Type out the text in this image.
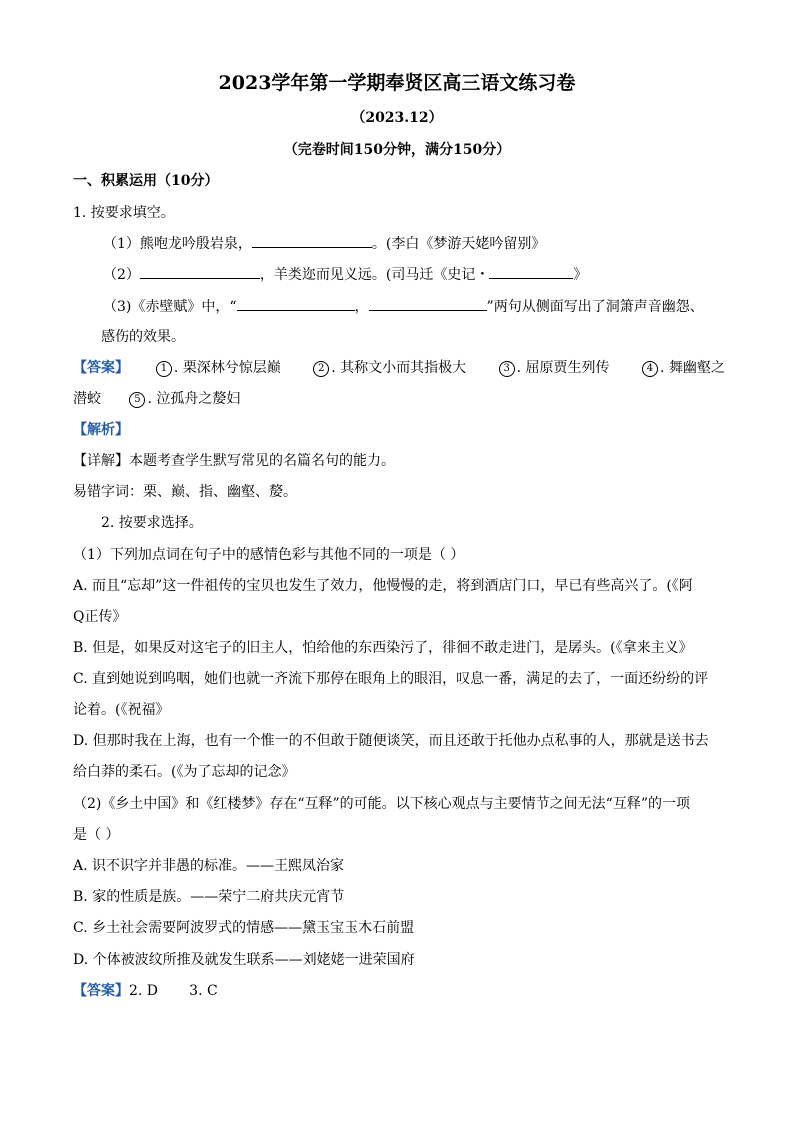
2023学年第一学期奉贤区高三语文练习卷
（2023.12）
（完卷时间150分钟，满分150分）
一、积累运用（10分）
1. 按要求填空。
（1）熊咆龙吟殷岩泉，	。(李白《梦游天姥吟留别》
（2）	，羊类迩而见义远。(司马迁《史记・	》
（3)《赤壁赋》中，“	，	”两句从侧面写出了洞箫声音幽怨、
感伤的效果。
【答案】	1 . 栗深林兮惊层巅	2 . 其称文小而其指极大	3 . 屈原贾生列传	4 . 舞幽壑之
潜蛟	5 . 泣孤舟之嫠妇
【解析】
【详解】本题考查学生默写常见的名篇名句的能力。
易错字词：栗、巅、指、幽壑、嫠。
2. 按要求选择。
（1）下列加点词在句子中的感情色彩与其他不同的一项是（ ）
A. 而且“忘却”这一件祖传的宝贝也发生了效力，他慢慢的走，将到酒店门口，早已有些高兴了。(《阿
Q正传》
B. 但是，如果反对这宅子的旧主人，怕给他的东西染污了，徘徊不敢走进门，是孱头。(《拿来主义》
C. 直到她说到呜咽，她们也就一齐流下那停在眼角上的眼泪，叹息一番，满足的去了，一面还纷纷的评
论着。(《祝福》
D. 但那时我在上海，也有一个惟一的不但敢于随便谈笑，而且还敢于托他办点私事的人，那就是送书去
给白莽的柔石。(《为了忘却的记念》
（2)《乡土中国》和《红楼梦》存在“互释”的可能。以下核心观点与主要情节之间无法“互释”的一项
是（ ）
A. 识不识字并非愚的标准。——王熙凤治家
B. 家的性质是族。——荣宁二府共庆元宵节
C. 乡土社会需要阿波罗式的情感——黛玉宝玉木石前盟
D. 个体被波纹所推及就发生联系——刘姥姥一进荣国府
【答案】2. D       3. C
